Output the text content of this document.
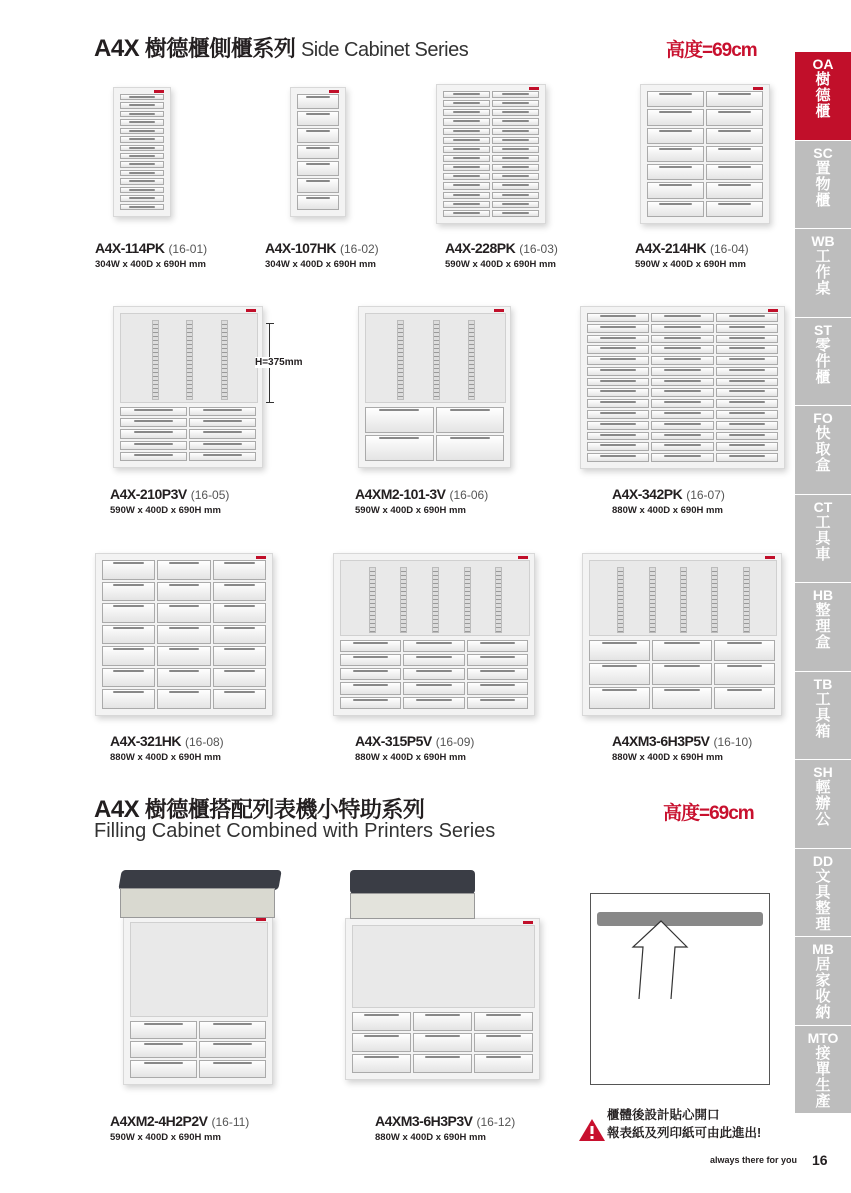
A4X 樹德櫃側櫃系列 Side Cabinet Series	高度=69cm
A4X 樹德櫃搭配列表機小特助系列
Filling Cabinet Combined with Printers Series
高度=69cm
H=375mm
A4X-114PK (16-01)
304W x 400D x 690H mm
A4X-107HK (16-02)
304W x 400D x 690H mm
A4X-228PK (16-03)
590W x 400D x 690H mm
A4X-214HK (16-04)
590W x 400D x 690H mm
A4X-210P3V (16-05)
590W x 400D x 690H mm
A4XM2-101-3V (16-06)
590W x 400D x 690H mm
A4X-342PK (16-07)
880W x 400D x 690H mm
A4X-321HK (16-08)
880W x 400D x 690H mm
A4X-315P5V (16-09)
880W x 400D x 690H mm
A4XM3-6H3P5V (16-10)
880W x 400D x 690H mm
A4XM2-4H2P2V (16-11)
590W x 400D x 690H mm
A4XM3-6H3P3V (16-12)
880W x 400D x 690H mm
櫃體後設計貼心開口
報表紙及列印紙可由此進出!
OA
樹德櫃
SC
置物櫃
WB
工作桌
ST
零件櫃
FO
快取盒
CT
工具車
HB
整理盒
TB
工具箱
SH
輕辦公
DD
文具整理
MB
居家收納
MTO
接單生產
always there for you 16
